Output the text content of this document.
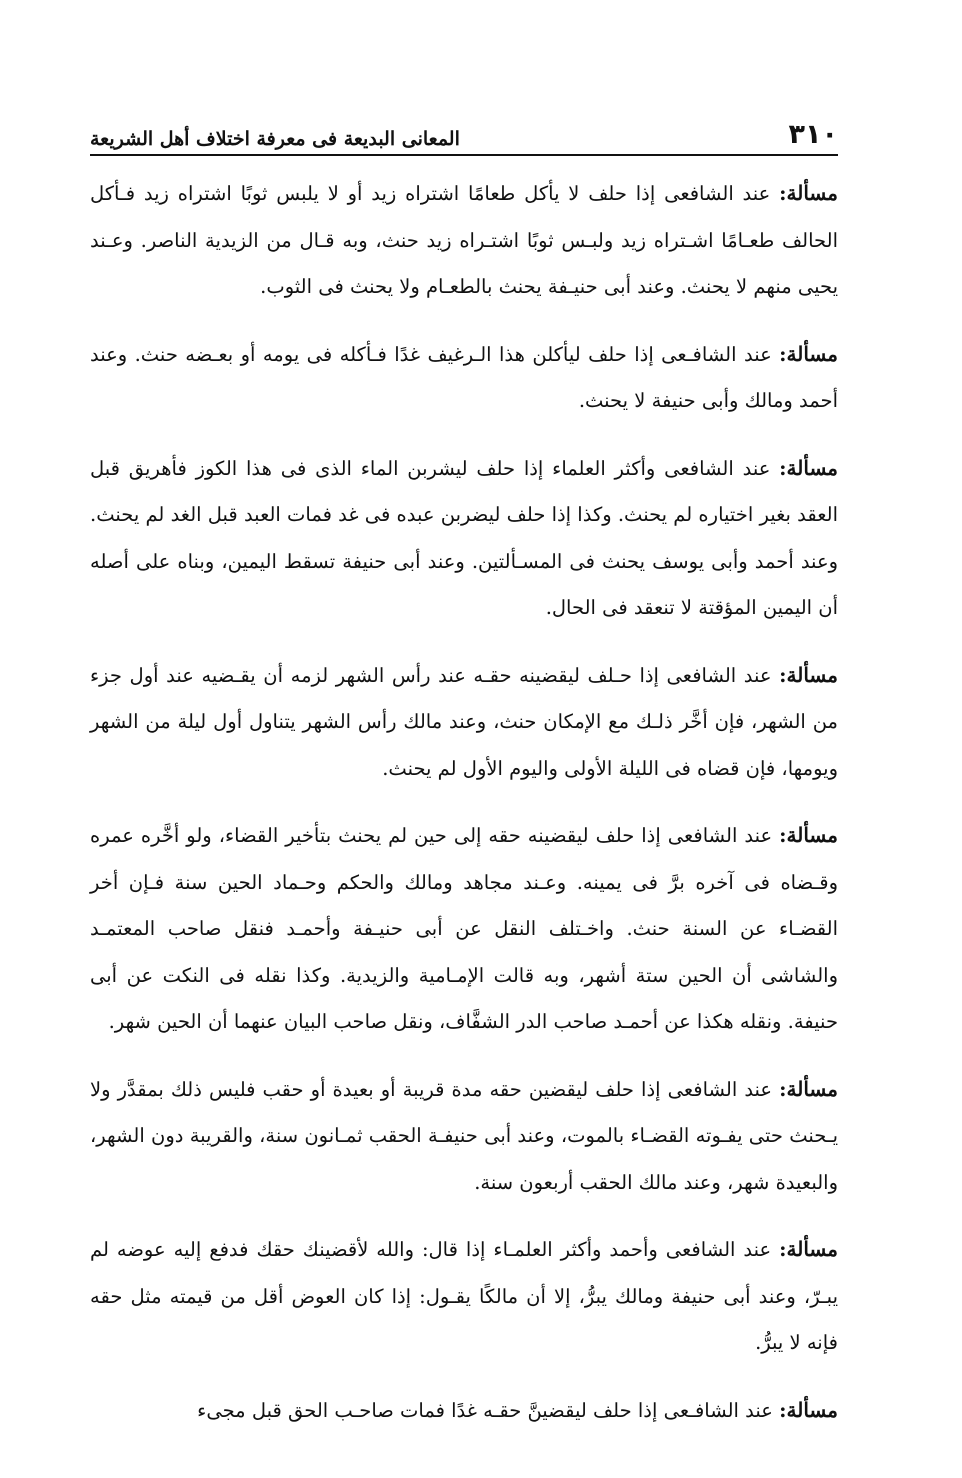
٣١٠
المعانى البديعة فى معرفة اختلاف أهل الشريعة

مسألة: عند الشافعى إذا حلف لا يأكل طعامًا اشتراه زيد أو لا يلبس ثوبًا اشتراه زيد فـأكل الحالف طعـامًا اشـتراه زيد ولبـس ثوبًا اشتـراه زيد حنث، وبه قـال من الزيدية الناصر. وعـند يحيى منهم لا يحنث. وعند أبى حنيـفة يحنث بالطعـام ولا يحنث فى الثوب.

مسألة: عند الشافـعى إذا حلف ليأكلن هذا الـرغيف غدًا فـأكله فى يومه أو بعـضه حنث. وعند أحمد ومالك وأبى حنيفة لا يحنث.

مسألة: عند الشافعى وأكثر العلماء إذا حلف ليشربن الماء الذى فى هذا الكوز فأهريق قبل العقد بغير اختياره لم يحنث. وكذا إذا حلف ليضربن عبده فى غد فمات العبد قبل الغد لم يحنث. وعند أحمد وأبى يوسف يحنث فى المسـألتين. وعند أبى حنيفة تسقط اليمين، وبناه على أصله أن اليمين المؤقتة لا تنعقد فى الحال.

مسألة: عند الشافعى إذا حـلف ليقضينه حقـه عند رأس الشهر لزمه أن يقـضيه عند أول جزء من الشهر، فإن أخَّر ذلـك مع الإمكان حنث، وعند مالك رأس الشهر يتناول أول ليلة من الشهر ويومها، فإن قضاه فى الليلة الأولى واليوم الأول لم يحنث.

مسألة: عند الشافعى إذا حلف ليقضينه حقه إلى حين لم يحنث بتأخير القضاء، ولو أخَّره عمره وقـضاه فى آخره برَّ فى يمينه. وعـند مجاهد ومالك والحكم وحـماد الحين سنة فـإن أخر القضـاء عن السنة حنث. واخـتلف النقل عن أبى حنيـفة وأحمـد فنقل صاحب المعتمـد والشاشى أن الحين ستة أشهر، وبه قالت الإمـامية والزيدية. وكذا نقله فى النكت عن أبى حنيفة. ونقله هكذا عن أحمـد صاحب الدر الشفَّاف، ونقل صاحب البيان عنهما أن الحين شهر.

مسألة: عند الشافعى إذا حلف ليقضين حقه مدة قريبة أو بعيدة أو حقب فليس ذلك بمقدَّر ولا يـحنث حتى يفـوته القضـاء بالموت، وعند أبى حنيفـة الحقب ثمـانون سنة، والقريبة دون الشهر، والبعيدة شهر، وعند مالك الحقب أربعون سنة.

مسألة: عند الشافعى وأحمد وأكثر العلمـاء إذا قال: والله لأقضينك حقك فدفع إليه عوضه لم يبـرّ، وعند أبى حنيفة ومالك يبرُّ، إلا أن مالكًا يقـول: إذا كان العوض أقل من قيمته مثل حقه فإنه لا يبرُّ.

مسألة: عند الشافـعى إذا حلف ليقضينَّ حقـه غدًا فمات صاحـب الحق قبل مجىء
